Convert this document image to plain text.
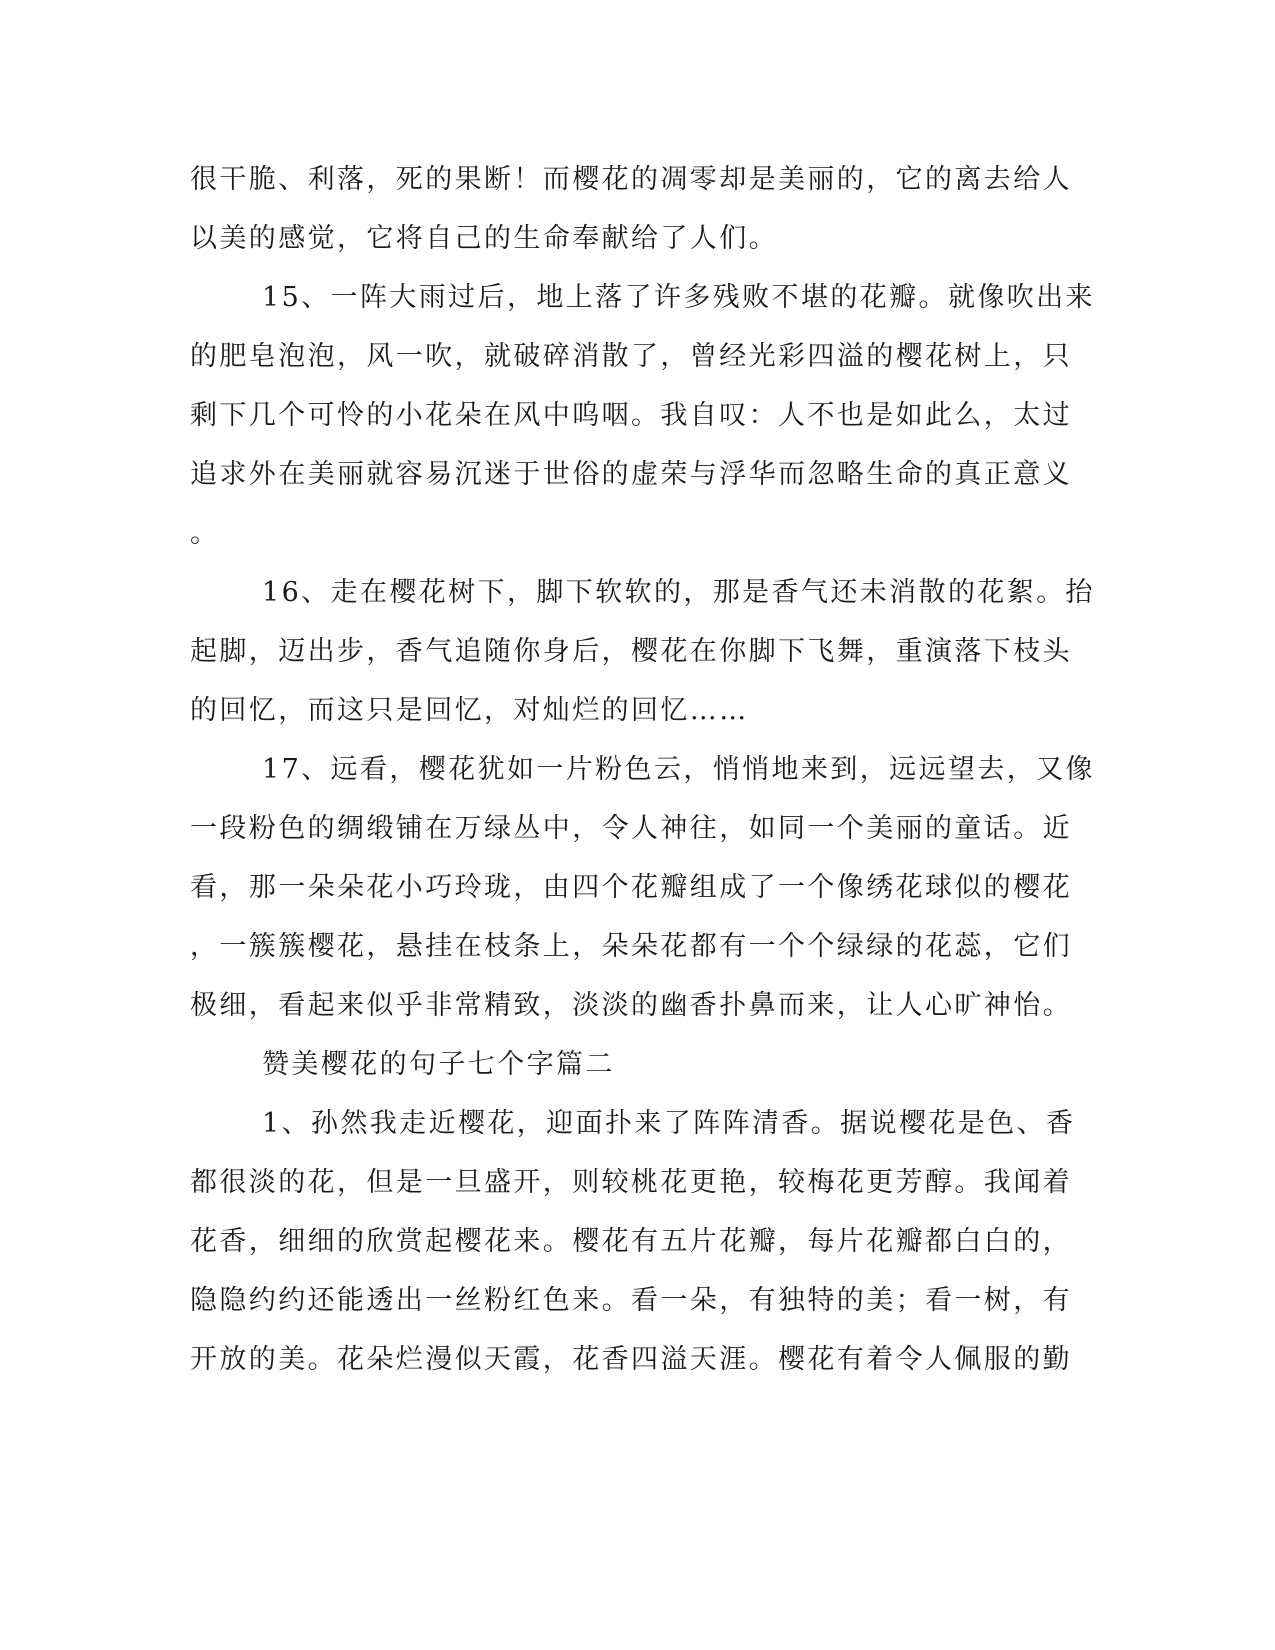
很干脆、利落，死的果断！而樱花的凋零却是美丽的，它的离去给人
以美的感觉，它将自己的生命奉献给了人们。
15、一阵大雨过后，地上落了许多残败不堪的花瓣。就像吹出来
的肥皂泡泡，风一吹，就破碎消散了，曾经光彩四溢的樱花树上，只
剩下几个可怜的小花朵在风中呜咽。我自叹：人不也是如此么，太过
追求外在美丽就容易沉迷于世俗的虚荣与浮华而忽略生命的真正意义
。
16、走在樱花树下，脚下软软的，那是香气还未消散的花絮。抬
起脚，迈出步，香气追随你身后，樱花在你脚下飞舞，重演落下枝头
的回忆，而这只是回忆，对灿烂的回忆……
17、远看，樱花犹如一片粉色云，悄悄地来到，远远望去，又像
一段粉色的绸缎铺在万绿丛中，令人神往，如同一个美丽的童话。近
看，那一朵朵花小巧玲珑，由四个花瓣组成了一个像绣花球似的樱花
，一簇簇樱花，悬挂在枝条上，朵朵花都有一个个绿绿的花蕊，它们
极细，看起来似乎非常精致，淡淡的幽香扑鼻而来，让人心旷神怡。
赞美樱花的句子七个字篇二
1、孙然我走近樱花，迎面扑来了阵阵清香。据说樱花是色、香
都很淡的花，但是一旦盛开，则较桃花更艳，较梅花更芳醇。我闻着
花香，细细的欣赏起樱花来。樱花有五片花瓣，每片花瓣都白白的，
隐隐约约还能透出一丝粉红色来。看一朵，有独特的美；看一树，有
开放的美。花朵烂漫似天霞，花香四溢天涯。樱花有着令人佩服的勤
